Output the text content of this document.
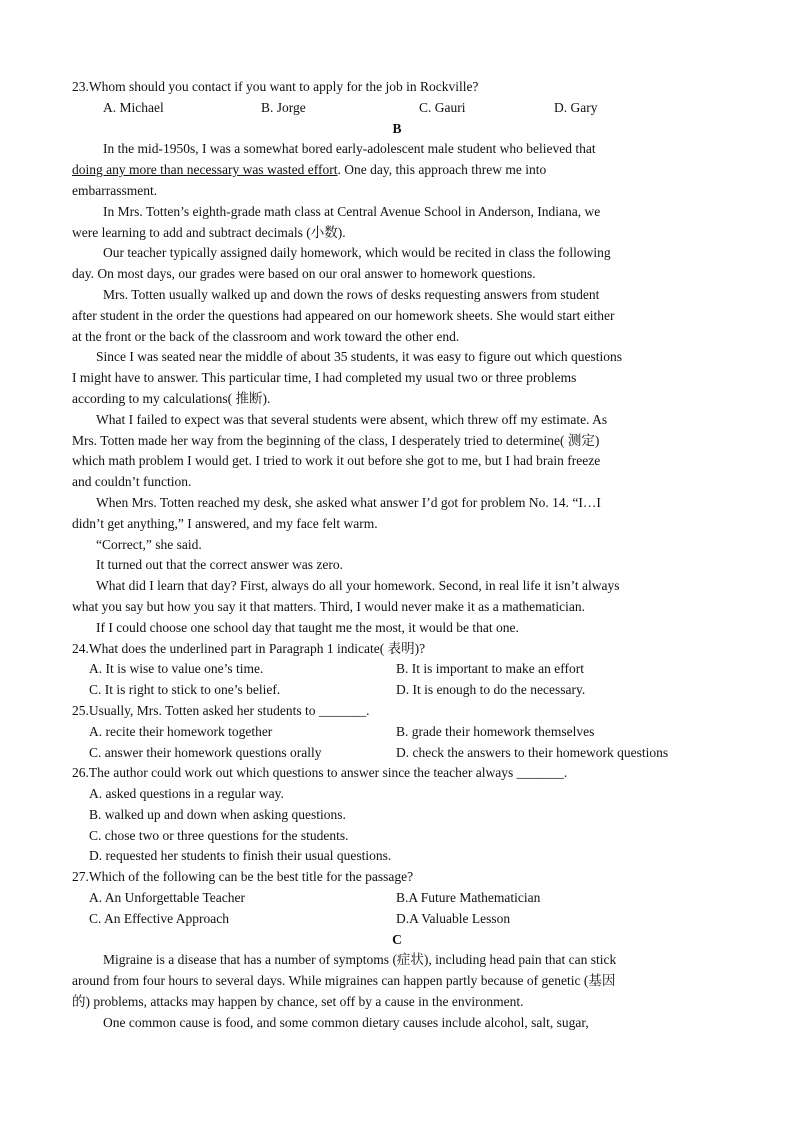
23.Whom should you contact if you want to apply for the job in Rockville?
A. Michael	B. Jorge	C. Gauri	D. Gary
B
In the mid-1950s, I was a somewhat bored early-adolescent male student who believed that
doing any more than necessary was wasted effort. One day, this approach threw me into
embarrassment.
In Mrs. Totten’s eighth-grade math class at Central Avenue School in Anderson, Indiana, we
were learning to add and subtract decimals (小数).
Our teacher typically assigned daily homework, which would be recited in class the following
day. On most days, our grades were based on our oral answer to homework questions.
Mrs. Totten usually walked up and down the rows of desks requesting answers from student
after student in the order the questions had appeared on our homework sheets. She would start either
at the front or the back of the classroom and work toward the other end.
Since I was seated near the middle of about 35 students, it was easy to figure out which questions
I might have to answer. This particular time, I had completed my usual two or three problems
according to my calculations( 推断).
What I failed to expect was that several students were absent, which threw off my estimate. As
Mrs. Totten made her way from the beginning of the class, I desperately tried to determine( 测定)
which math problem I would get. I tried to work it out before she got to me, but I had brain freeze
and couldn’t function.
When Mrs. Totten reached my desk, she asked what answer I’d got for problem No. 14. “I…I
didn’t get anything,” I answered, and my face felt warm.
“Correct,” she said.
It turned out that the correct answer was zero.
What did I learn that day? First, always do all your homework. Second, in real life it isn’t always
what you say but how you say it that matters. Third, I would never make it as a mathematician.
If I could choose one school day that taught me the most, it would be that one.
24.What does the underlined part in Paragraph 1 indicate( 表明)?
A. It is wise to value one’s time.	B. It is important to make an effort
C. It is right to stick to one’s belief.	D. It is enough to do the necessary.
25.Usually, Mrs. Totten asked her students to _______.
A. recite their homework together	B. grade their homework themselves
C. answer their homework questions orally	D. check the answers to their homework questions
26.The author could work out which questions to answer since the teacher always _______.
A. asked questions in a regular way.
B. walked up and down when asking questions.
C. chose two or three questions for the students.
D. requested her students to finish their usual questions.
27.Which of the following can be the best title for the passage?
A. An Unforgettable Teacher	B.A Future Mathematician
C. An Effective Approach	D.A Valuable Lesson
C
Migraine is a disease that has a number of symptoms (症状), including head pain that can stick
around from four hours to several days. While migraines can happen partly because of genetic (基因
的) problems, attacks may happen by chance, set off by a cause in the environment.
One common cause is food, and some common dietary causes include alcohol, salt, sugar,
